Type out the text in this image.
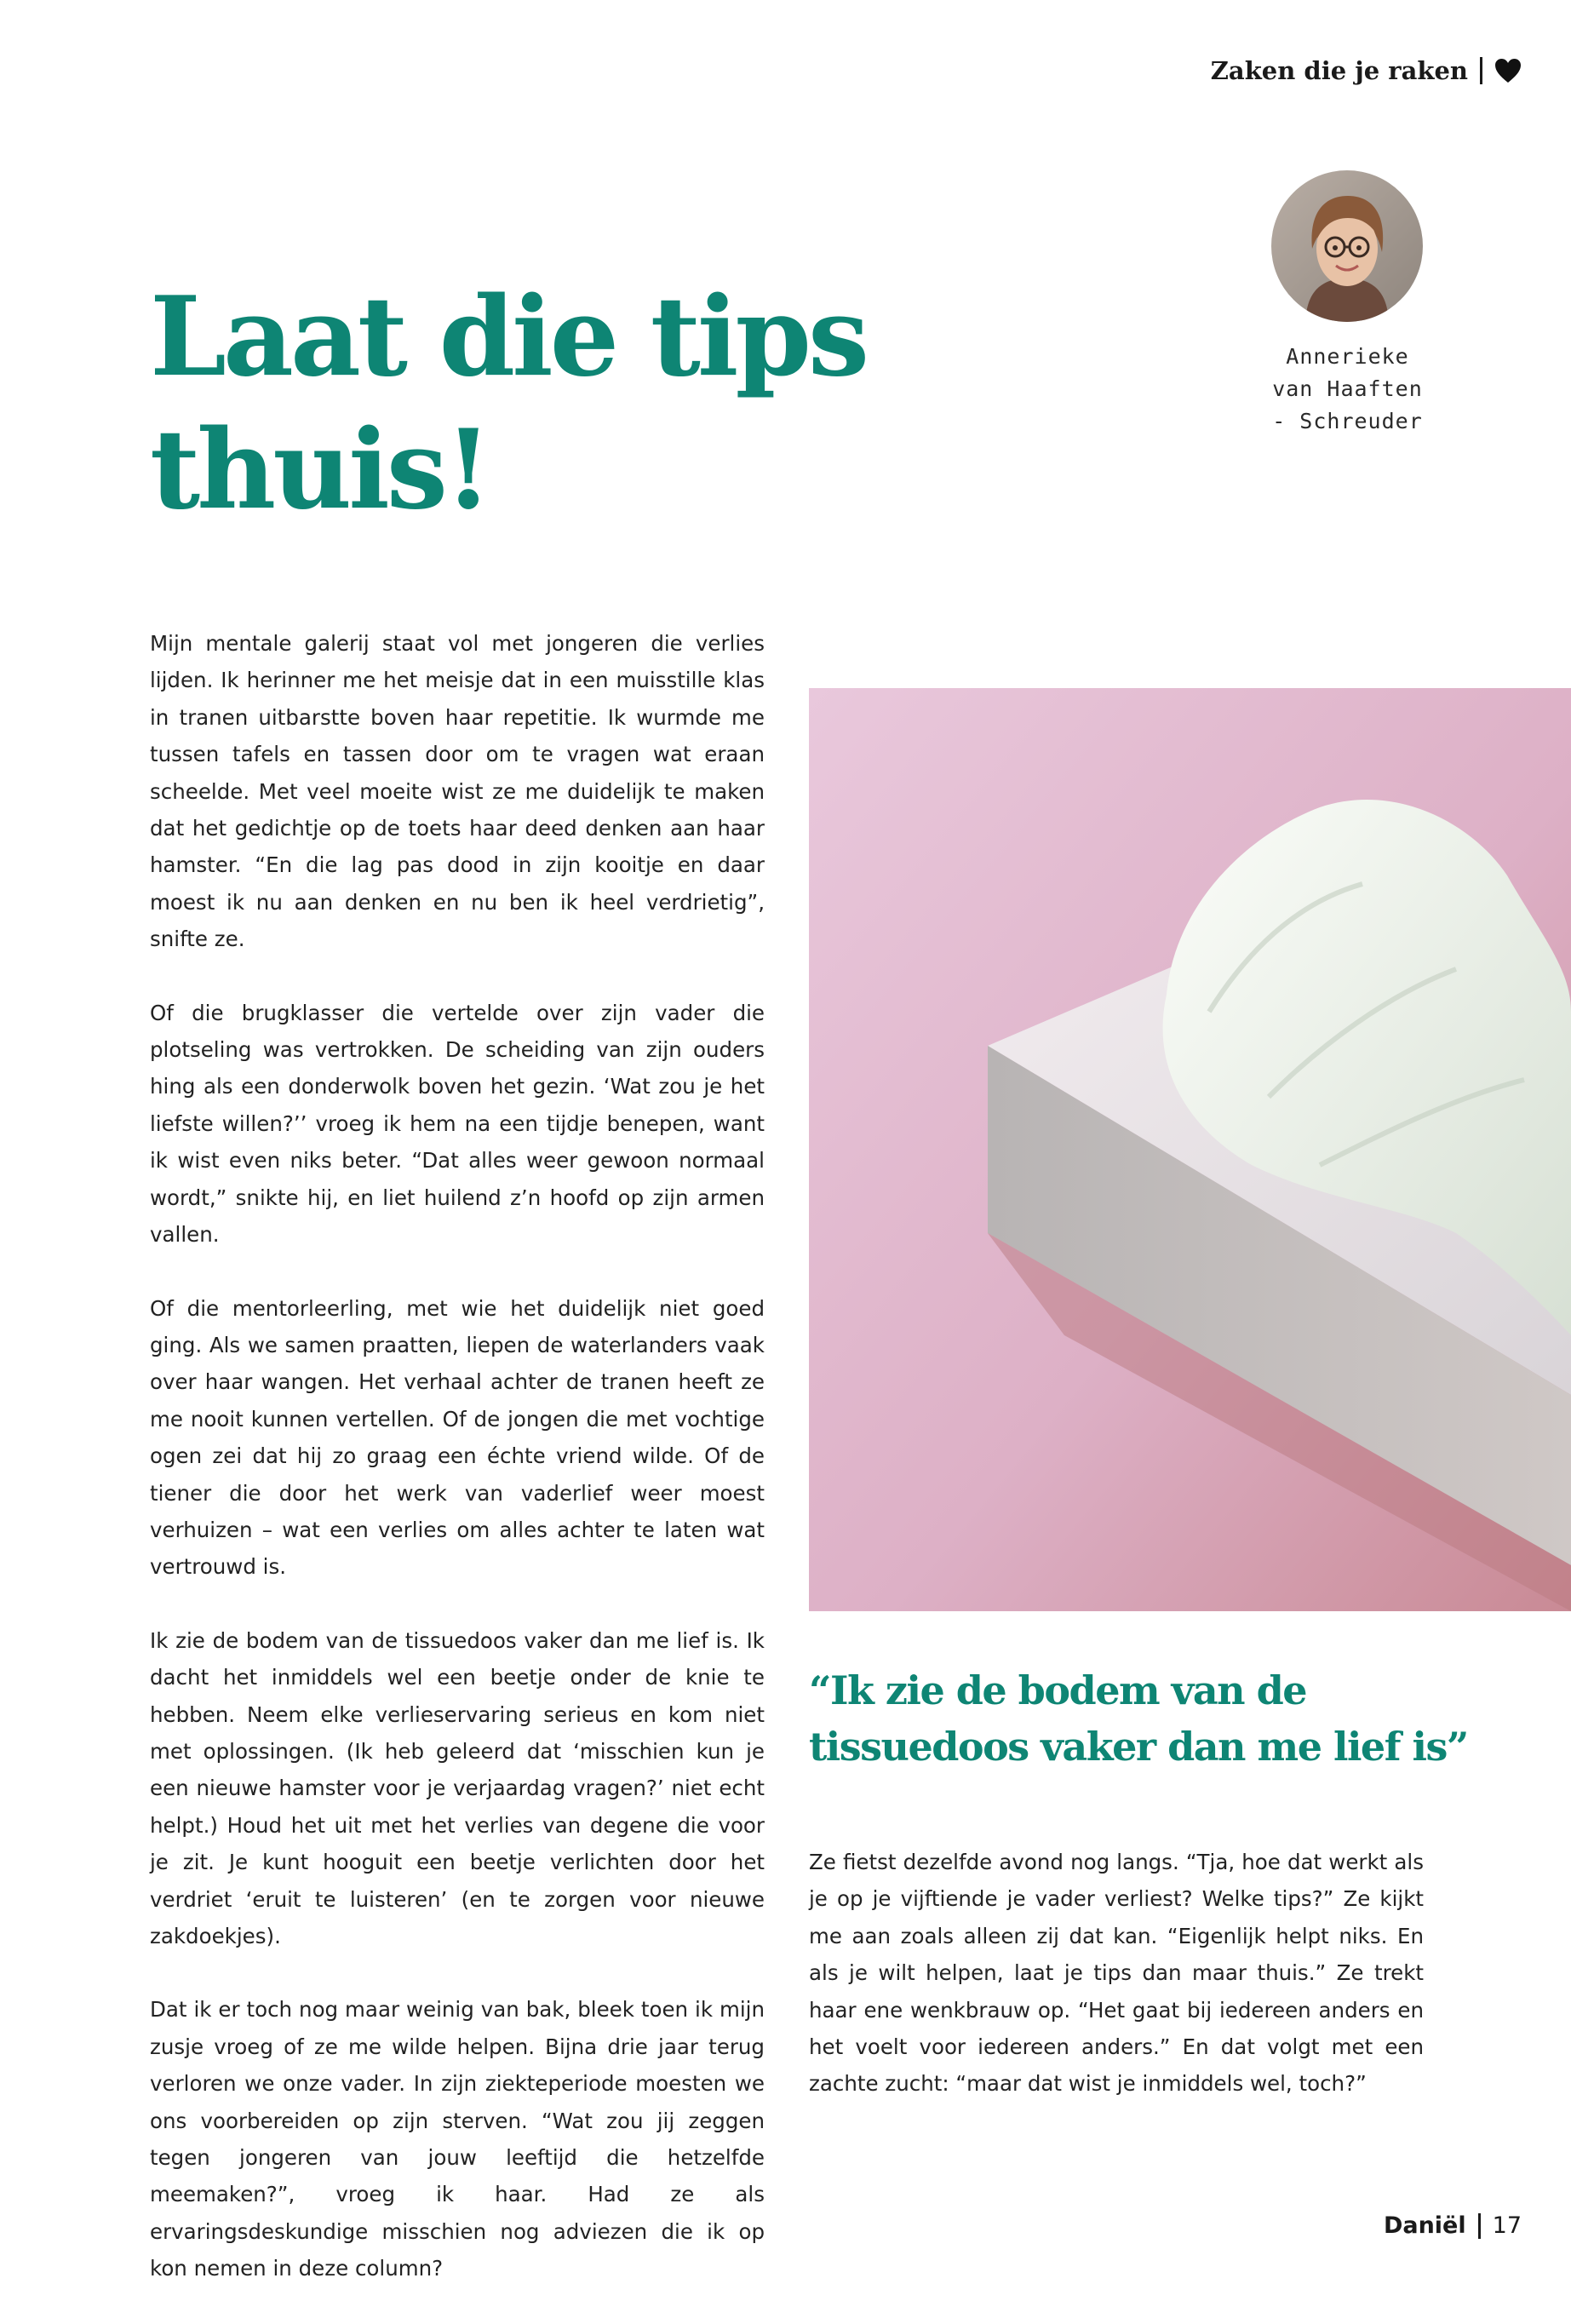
Zaken die je raken
Laat die tips
thuis!
Annerieke
van Haaften
- Schreuder

Mijn mentale galerij staat vol met jongeren die verlies lijden. Ik herinner me het meisje dat in een muisstille klas in tranen uitbarstte boven haar repetitie. Ik wurmde me tussen tafels en tassen door om te vragen wat eraan scheelde. Met veel moeite wist ze me duidelijk te maken dat het gedichtje op de toets haar deed denken aan haar hamster. “En die lag pas dood in zijn kooitje en daar moest ik nu aan denken en nu ben ik heel verdrietig”, snifte ze.

Of die brugklasser die vertelde over zijn vader die plotseling was vertrokken. De scheiding van zijn ouders hing als een donderwolk boven het gezin. ‘Wat zou je het liefste willen?’’ vroeg ik hem na een tijdje benepen, want ik wist even niks beter. “Dat alles weer gewoon normaal wordt,” snikte hij, en liet huilend z’n hoofd op zijn armen vallen.

Of die mentorleerling, met wie het duidelijk niet goed ging. Als we samen praatten, liepen de waterlanders vaak over haar wangen. Het verhaal achter de tranen heeft ze me nooit kunnen vertellen. Of de jongen die met vochtige ogen zei dat hij zo graag een échte vriend wilde. Of de tiener die door het werk van vaderlief weer moest verhuizen – wat een verlies om alles achter te laten wat vertrouwd is.

Ik zie de bodem van de tissuedoos vaker dan me lief is. Ik dacht het inmiddels wel een beetje onder de knie te hebben. Neem elke verlieservaring serieus en kom niet met oplossingen. (Ik heb geleerd dat ‘misschien kun je een nieuwe hamster voor je verjaardag vragen?’ niet echt helpt.) Houd het uit met het verlies van degene die voor je zit. Je kunt hooguit een beetje verlichten door het verdriet ‘eruit te luisteren’ (en te zorgen voor nieuwe zakdoekjes).

Dat ik er toch nog maar weinig van bak, bleek toen ik mijn zusje vroeg of ze me wilde helpen. Bijna drie jaar terug verloren we onze vader. In zijn ziekteperiode moesten we ons voorbereiden op zijn sterven. “Wat zou jij zeggen tegen jongeren van jouw leeftijd die hetzelfde meemaken?”, vroeg ik haar. Had ze als ervaringsdeskundige misschien nog adviezen die ik op kon nemen in deze column?

“Ik zie de bodem van de
tissuedoos vaker dan me lief is”

Ze fietst dezelfde avond nog langs. “Tja, hoe dat werkt als je op je vijftiende je vader verliest? Welke tips?” Ze kijkt me aan zoals alleen zij dat kan. “Eigenlijk helpt niks. En als je wilt helpen, laat je tips dan maar thuis.” Ze trekt haar ene wenkbrauw op. “Het gaat bij iedereen anders en het voelt voor iedereen anders.” En dat volgt met een zachte zucht: “maar dat wist je inmiddels wel, toch?”

Daniël 17
